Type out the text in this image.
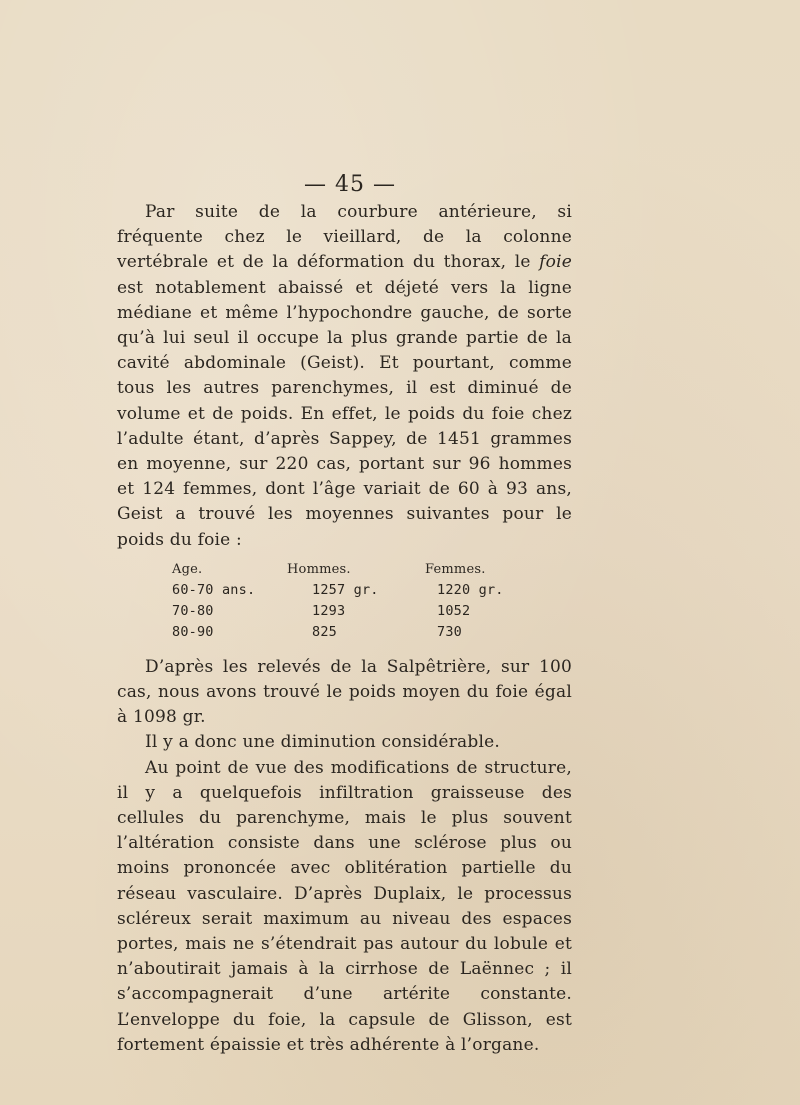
— 45 —

Par suite de la courbure antérieure, si fréquente chez le vieillard, de la colonne vertébrale et de la déformation du thorax, le foie est notablement abaissé et déjeté vers la ligne médiane et même l’hypochondre gauche, de sorte qu’à lui seul il occupe la plus grande partie de la cavité abdominale (Geist). Et pourtant, comme tous les autres parenchymes, il est diminué de volume et de poids. En effet, le poids du foie chez l’adulte étant, d’après Sappey, de 1451 grammes en moyenne, sur 220 cas, portant sur 96 hommes et 124 femmes, dont l’âge variait de 60 à 93 ans, Geist a trouvé les moyennes suivantes pour le poids du foie :

Age.	Hommes.	Femmes.
60-70 ans.	1257 gr.	1220 gr.
70-80	1293	1052
80-90	825	730

D’après les relevés de la Salpêtrière, sur 100 cas, nous avons trouvé le poids moyen du foie égal à 1098 gr.

Il y a donc une diminution considérable.

Au point de vue des modifications de structure, il y a quelquefois infiltration graisseuse des cellules du parenchyme, mais le plus souvent l’altération consiste dans une sclérose plus ou moins prononcée avec oblitération partielle du réseau vasculaire. D’après Duplaix, le processus scléreux serait maximum au niveau des espaces portes, mais ne s’étendrait pas autour du lobule et n’aboutirait jamais à la cirrhose de Laënnec ; il s’accompagnerait d’une artérite constante. L’enveloppe du foie, la capsule de Glisson, est fortement épaissie et très adhérente à l’organe.
